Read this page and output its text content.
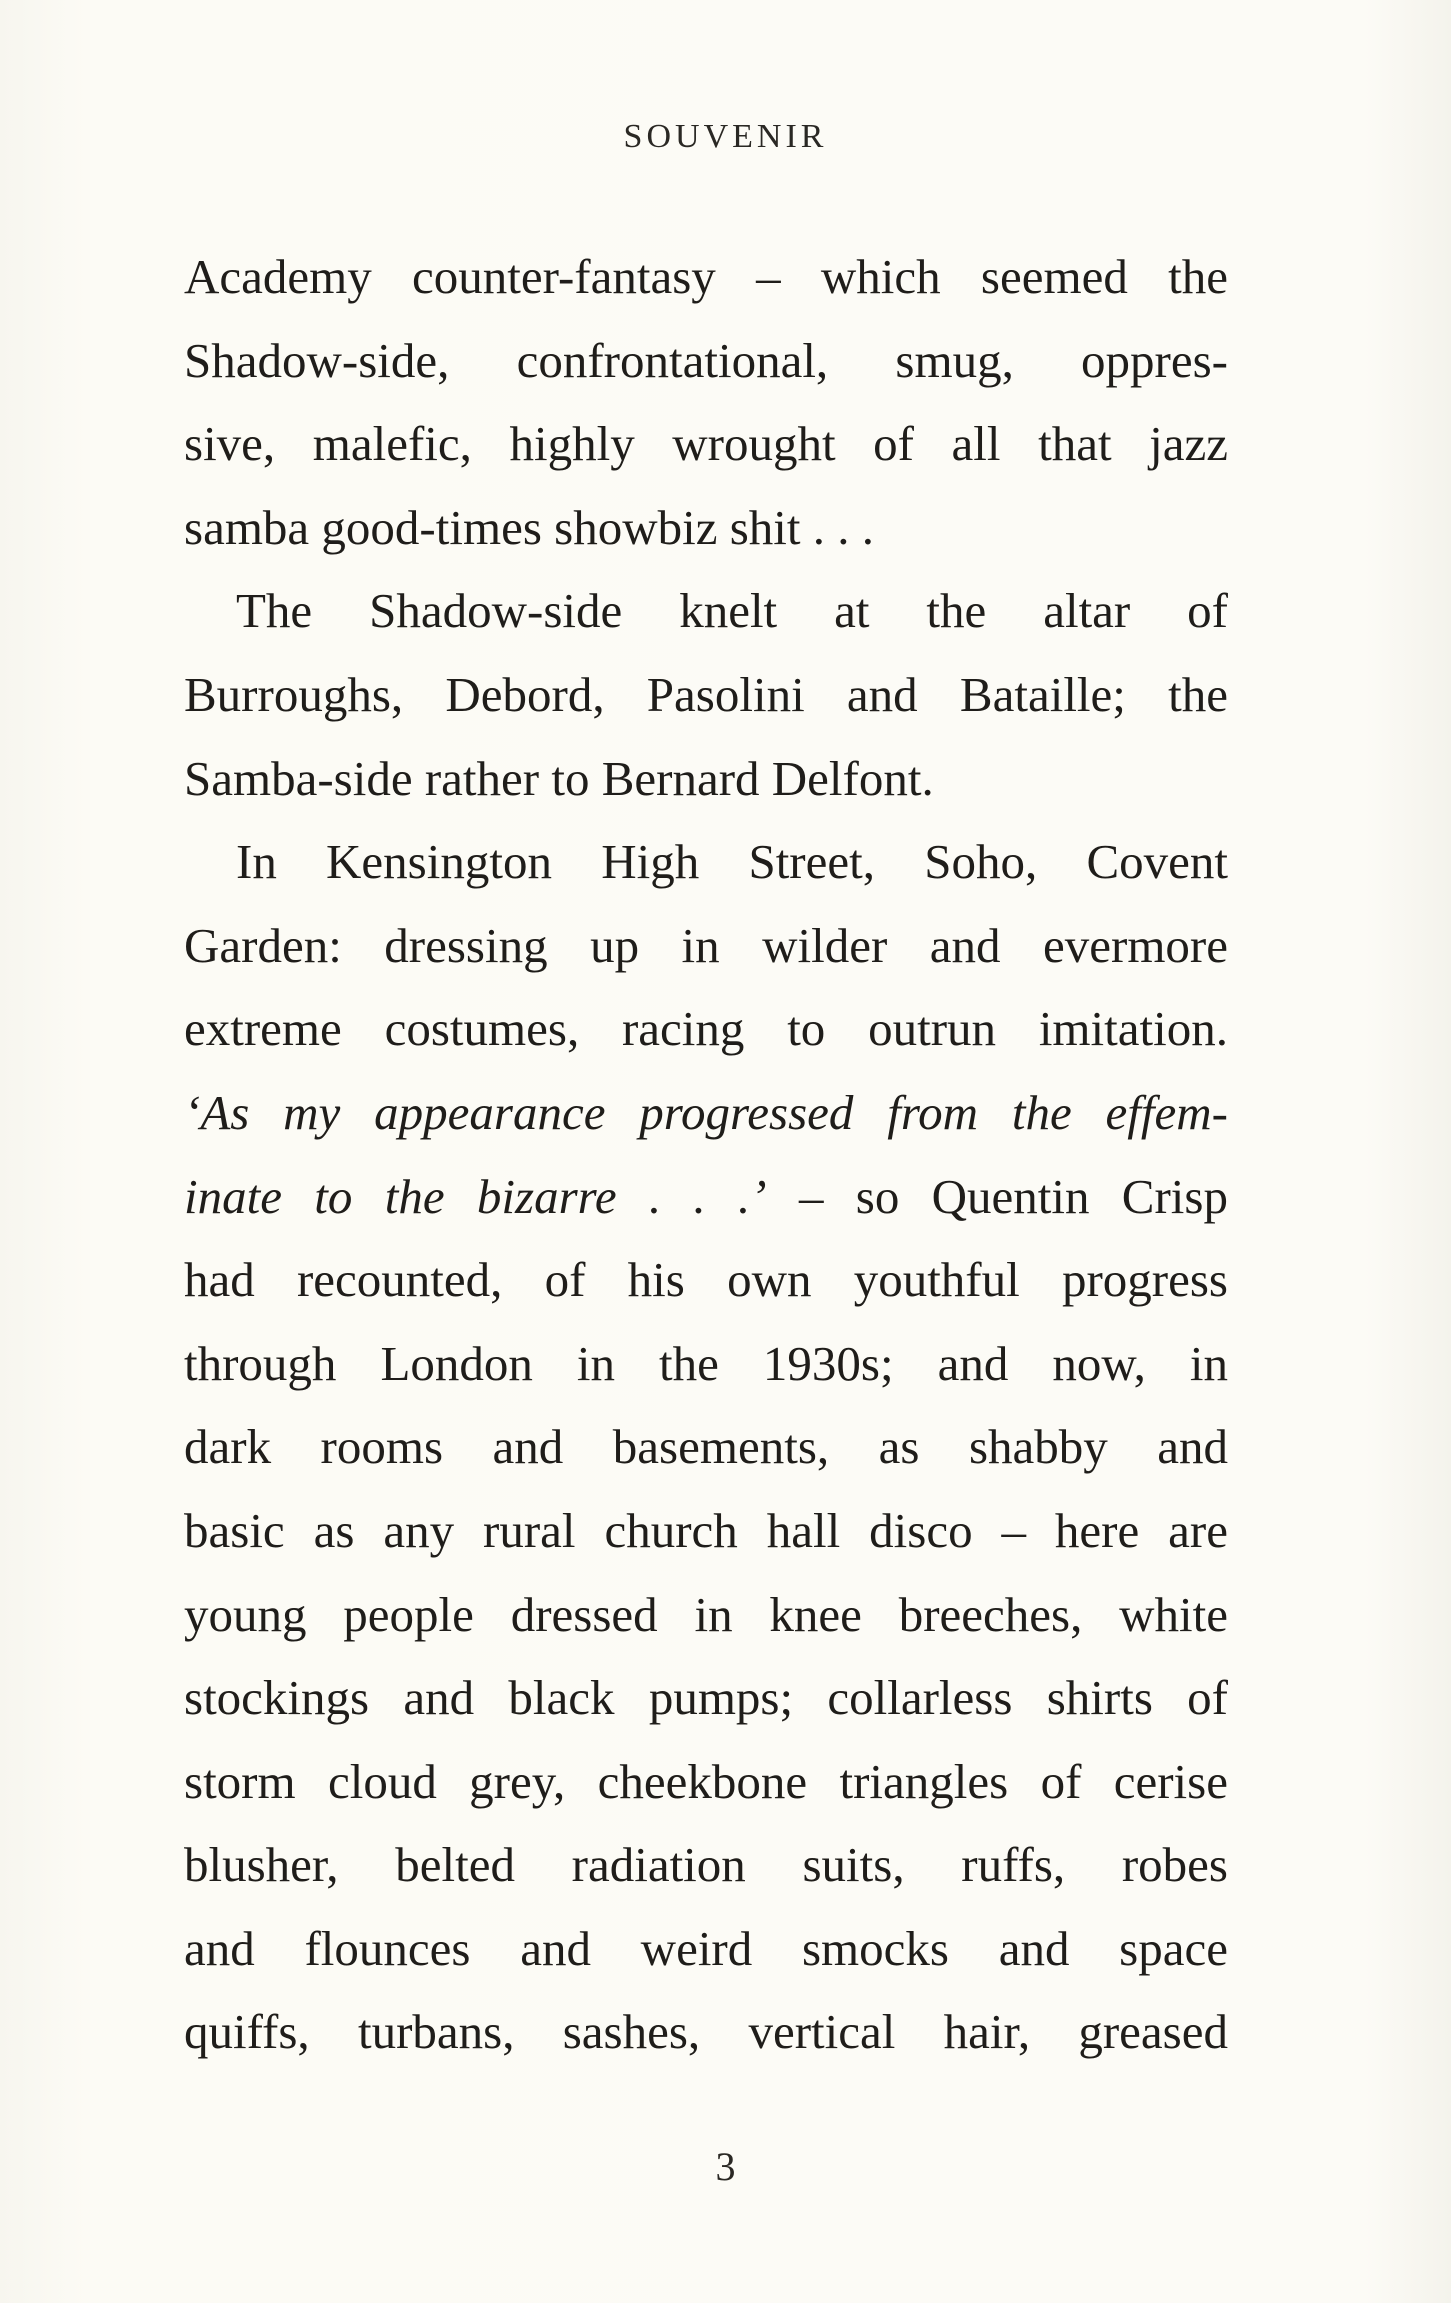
SOUVENIR
Academy counter-fantasy – which seemed the
Shadow-side, confrontational, smug, oppres-
sive, malefic, highly wrought of all that jazz
samba good-times showbiz shit . . .
The Shadow-side knelt at the altar of
Burroughs, Debord, Pasolini and Bataille; the
Samba-side rather to Bernard Delfont.
In Kensington High Street, Soho, Covent
Garden: dressing up in wilder and evermore
extreme costumes, racing to outrun imitation.
‘As my appearance progressed from the effem-
inate to the bizarre . . .’ – so Quentin Crisp
had recounted, of his own youthful progress
through London in the 1930s; and now, in
dark rooms and basements, as shabby and
basic as any rural church hall disco – here are
young people dressed in knee breeches, white
stockings and black pumps; collarless shirts of
storm cloud grey, cheekbone triangles of cerise
blusher, belted radiation suits, ruffs, robes
and flounces and weird smocks and space
quiffs, turbans, sashes, vertical hair, greased
3
